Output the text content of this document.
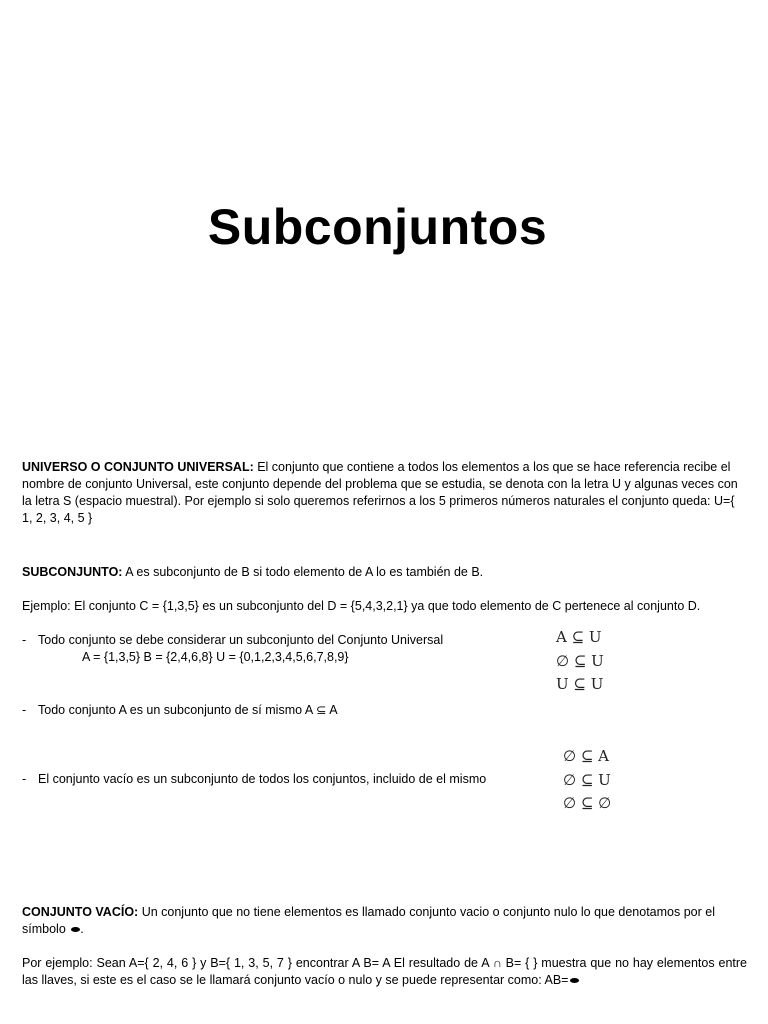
Subconjuntos
UNIVERSO O CONJUNTO UNIVERSAL: El conjunto que contiene a todos los elementos a los que se hace referencia recibe el nombre de conjunto Universal, este conjunto depende del problema que se estudia, se denota con la letra U y algunas veces con la letra S (espacio muestral). Por ejemplo si solo queremos referirnos a los 5 primeros números naturales el conjunto queda: U={ 1, 2, 3, 4, 5 }
SUBCONJUNTO: A es subconjunto de B si todo elemento de A lo es también de B.
Ejemplo: El conjunto C = {1,3,5} es un subconjunto del D = {5,4,3,2,1} ya que todo elemento de C pertenece al conjunto D.
- Todo conjunto se debe considerar un subconjunto del Conjunto Universal
A = {1,3,5} B = {2,4,6,8} U = {0,1,2,3,4,5,6,7,8,9}
A ⊆ U
∅ ⊆ U
U ⊆ U
- Todo conjunto A es un subconjunto de sí mismo A ⊆ A
- El conjunto vacío es un subconjunto de todos los conjuntos, incluido de el mismo
∅ ⊆ A
∅ ⊆ U
∅ ⊆ ∅
CONJUNTO VACÍO: Un conjunto que no tiene elementos es llamado conjunto vacio o conjunto nulo lo que denotamos por el símbolo .
Por ejemplo: Sean A={ 2, 4, 6 } y B={ 1, 3, 5, 7 } encontrar A B= A El resultado de A ∩ B= { } muestra que no hay elementos entre las llaves, si este es el caso se le llamará conjunto vacío o nulo y se puede representar como: AB=
